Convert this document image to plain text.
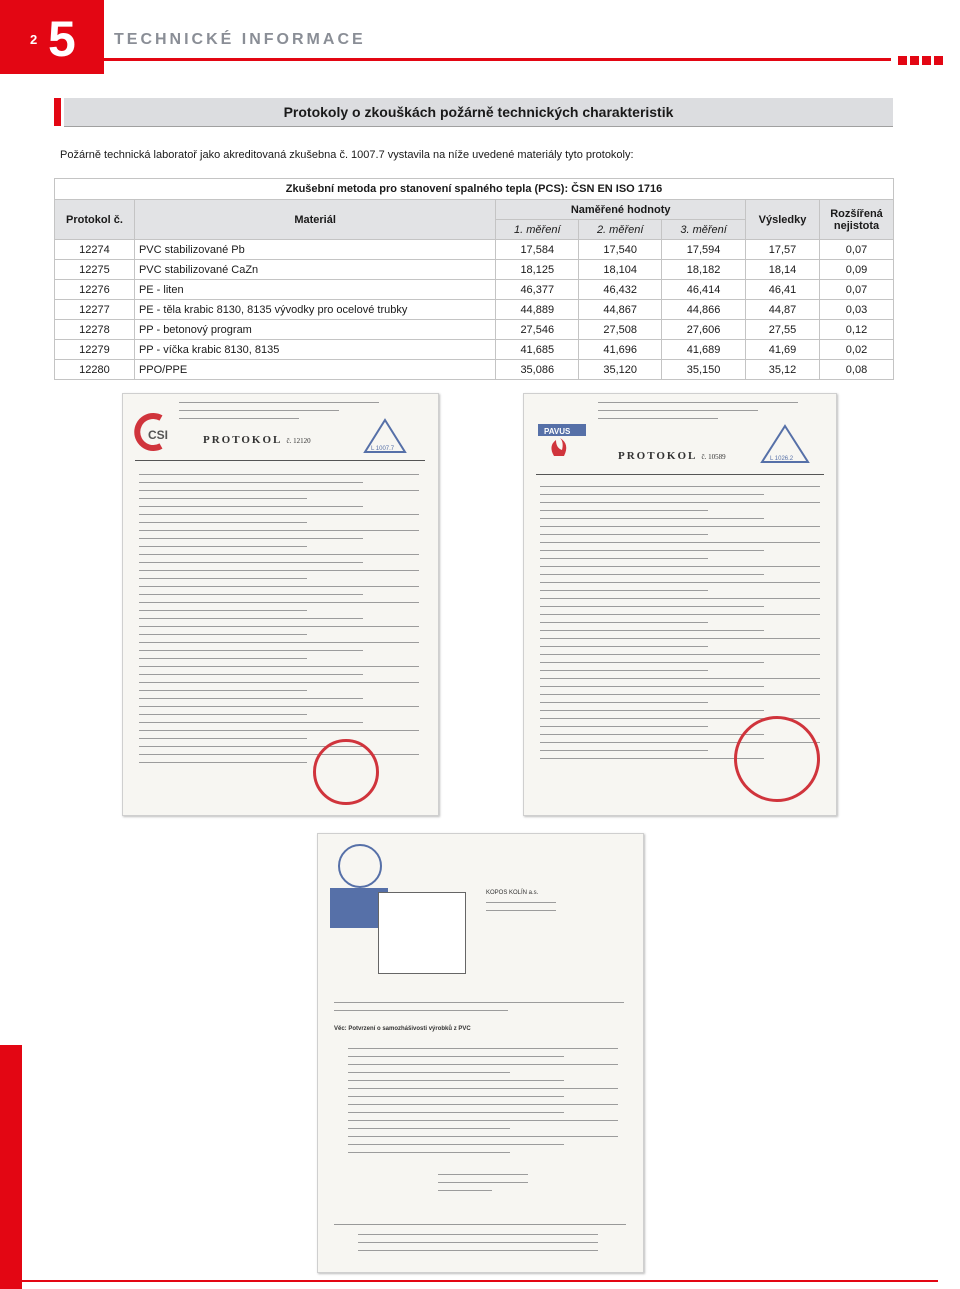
2 5 TECHNICKÉ INFORMACE
Protokoly o zkouškách požárně technických charakteristik
Požárně technická laboratoř jako akreditovaná zkušebna č. 1007.7 vystavila na níže uvedené materiály tyto protokoly:
Zkušební metoda pro stanovení spalného tepla (PCS): ČSN EN ISO 1716						
Protokol č.	Materiál	Naměřené hodnoty			Výsledky	Rozšířená nejistota
		1. měření	2. měření	3. měření		
12274	PVC stabilizované Pb	17,584	17,540	17,594	17,57	0,07
12275	PVC stabilizované CaZn	18,125	18,104	18,182	18,14	0,09
12276	PE - liten	46,377	46,432	46,414	46,41	0,07
12277	PE - těla krabic 8130, 8135 vývodky pro ocelové trubky	44,889	44,867	44,866	44,87	0,03
12278	PP - betonový program	27,546	27,508	27,606	27,55	0,12
12279	PP - víčka krabic 8130, 8135	41,685	41,696	41,689	41,69	0,02
12280	PPO/PPE	35,086	35,120	35,150	35,12	0,08
CSI	PROTOKOL č. 12120
L 1007.7
PAVUS
PROTOKOL č. 10589	L 1026.2
KOPOS KOLÍN a.s.
Věc: Potvrzení o samozhášivosti výrobků z PVC
